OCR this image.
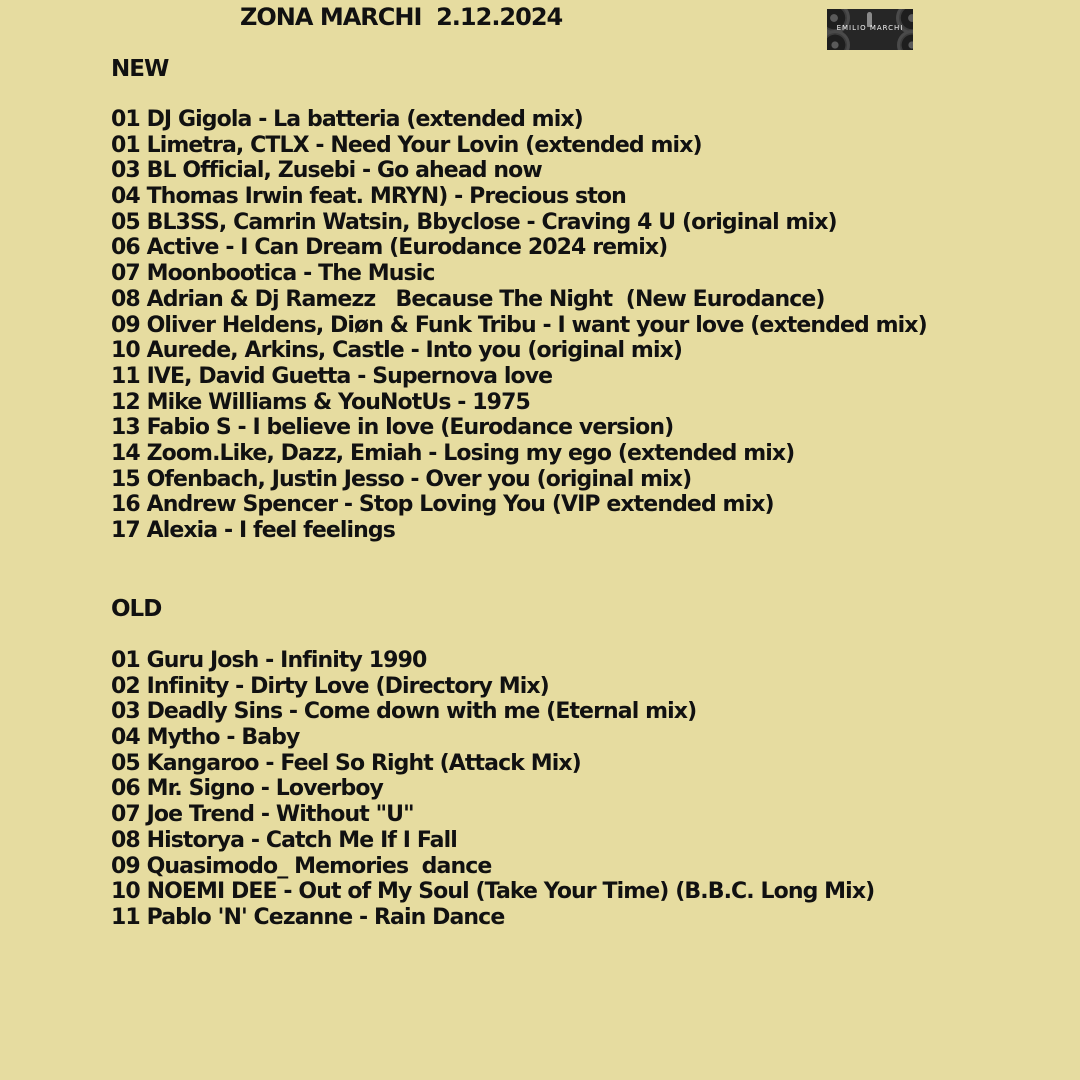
ZONA MARCHI  2.12.2024	EMILIO MARCHI
NEW
01 DJ Gigola - La batteria (extended mix)
01 Limetra, CTLX - Need Your Lovin (extended mix)
03 BL Official, Zusebi - Go ahead now
04 Thomas Irwin feat. MRYN) - Precious ston
05 BL3SS, Camrin Watsin, Bbyclose - Craving 4 U (original mix)
06 Active - I Can Dream (Eurodance 2024 remix)
07 Moonbootica - The Music
08 Adrian & Dj Ramezz   Because The Night  (New Eurodance)
09 Oliver Heldens, Diøn & Funk Tribu - I want your love (extended mix)
10 Aurede, Arkins, Castle - Into you (original mix)
11 IVE, David Guetta - Supernova love
12 Mike Williams & YouNotUs - 1975
13 Fabio S - I believe in love (Eurodance version)
14 Zoom.Like, Dazz, Emiah - Losing my ego (extended mix)
15 Ofenbach, Justin Jesso - Over you (original mix)
16 Andrew Spencer - Stop Loving You (VIP extended mix)
17 Alexia - I feel feelings
OLD
01 Guru Josh - Infinity 1990
02 Infinity - Dirty Love (Directory Mix)
03 Deadly Sins - Come down with me (Eternal mix)
04 Mytho - Baby
05 Kangaroo - Feel So Right (Attack Mix)
06 Mr. Signo - Loverboy
07 Joe Trend - Without "U"
08 Historya - Catch Me If I Fall
09 Quasimodo_ Memories  dance
10 NOEMI DEE - Out of My Soul (Take Your Time) (B.B.C. Long Mix)
11 Pablo 'N' Cezanne - Rain Dance
